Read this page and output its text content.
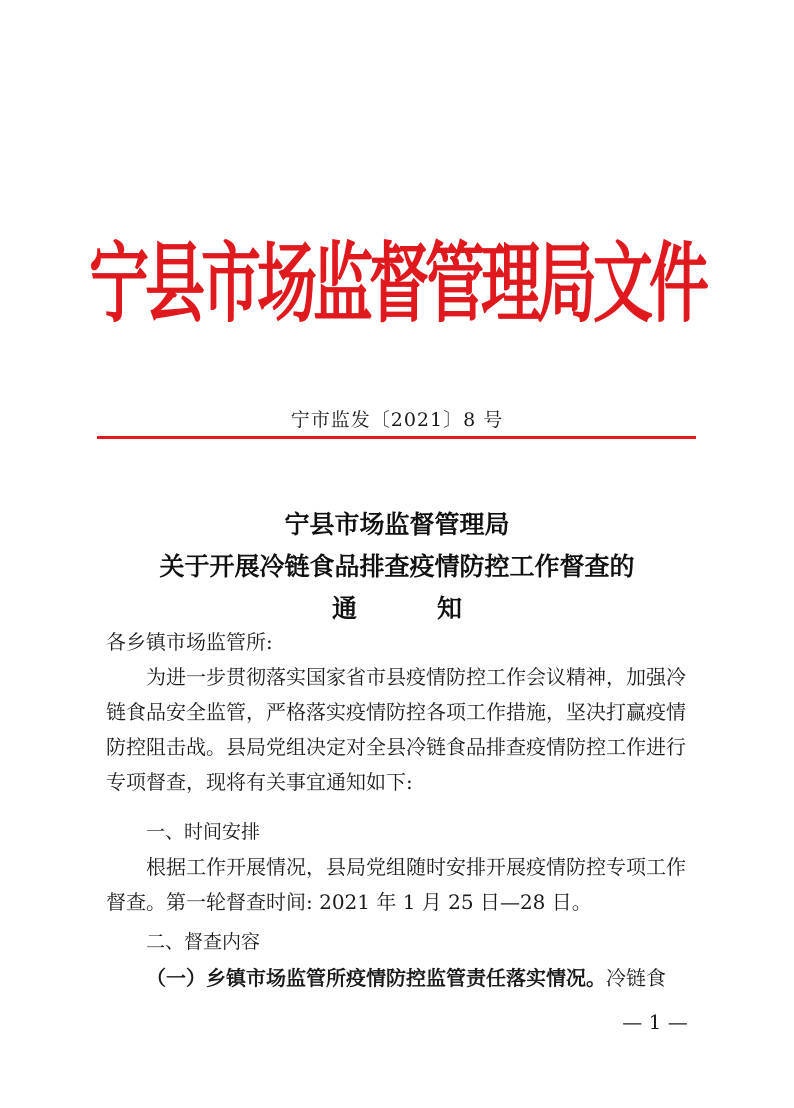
宁县市场监督管理局文件
宁市监发〔2021〕8 号
宁县市场监督管理局
关于开展冷链食品排查疫情防控工作督查的
通	知
各乡镇市场监管所:
为进一步贯彻落实国家省市县疫情防控工作会议精神，加强冷链食品安全监管，严格落实疫情防控各项工作措施，坚决打赢疫情防控阻击战。县局党组决定对全县冷链食品排查疫情防控工作进行专项督查，现将有关事宜通知如下:
一、时间安排
根据工作开展情况，县局党组随时安排开展疫情防控专项工作督查。第一轮督查时间: 2021 年 1 月 25 日—28 日。
二、督查内容
（一）乡镇市场监管所疫情防控监管责任落实情况。冷链食
— 1 —
